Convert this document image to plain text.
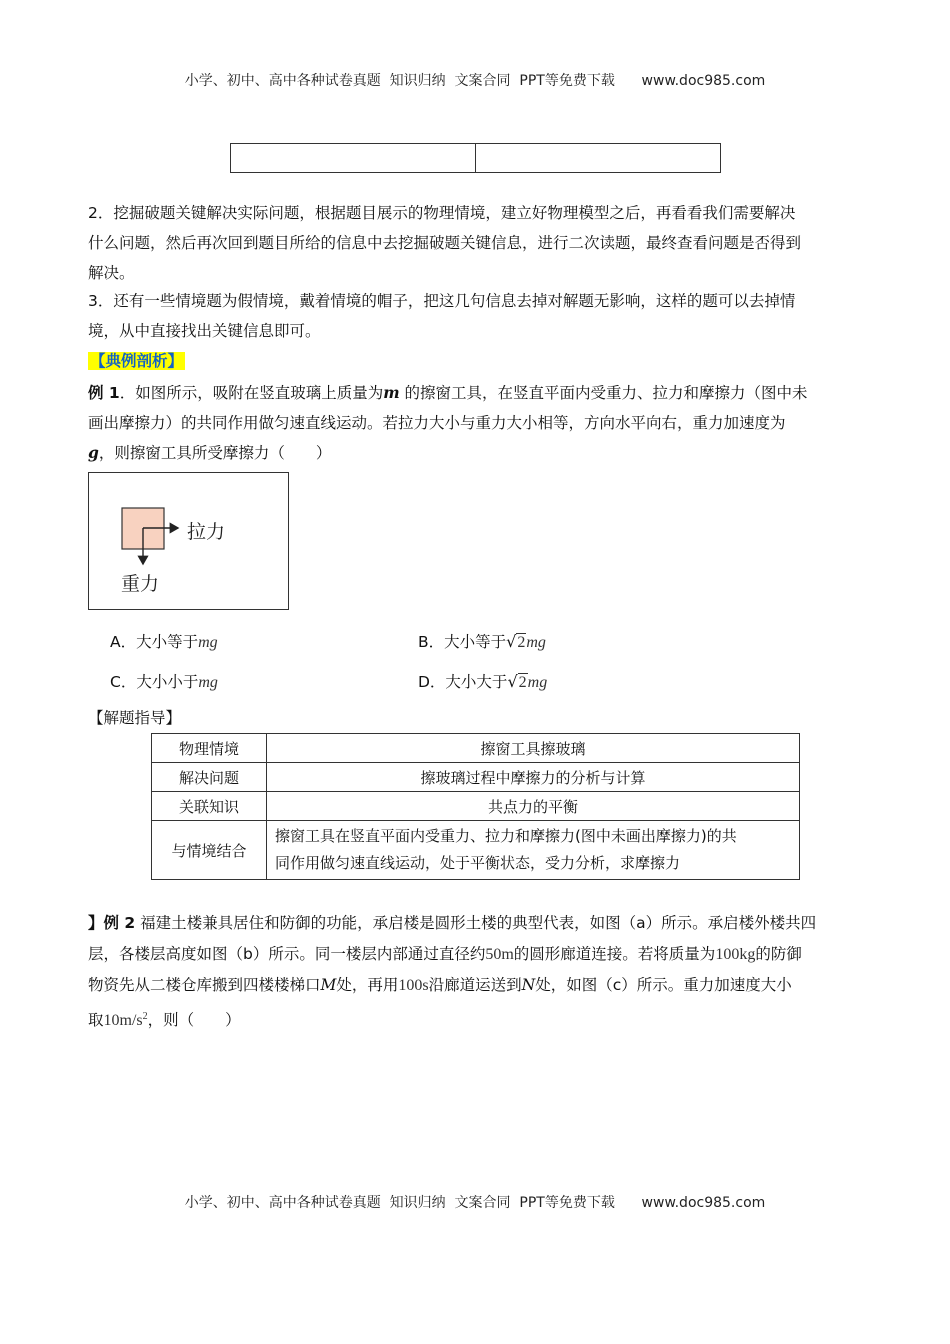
小学、初中、高中各种试卷真题  知识归纳  文案合同  PPT等免费下载      www.doc985.com

2．挖掘破题关键解决实际问题，根据题目展示的物理情境，建立好物理模型之后，再看看我们需要解决
什么问题，然后再次回到题目所给的信息中去挖掘破题关键信息，进行二次读题，最终查看问题是否得到
解决。
3．还有一些情境题为假情境，戴着情境的帽子，把这几句信息去掉对解题无影响，这样的题可以去掉情
境，从中直接找出关键信息即可。
【典例剖析】
例 1．如图所示，吸附在竖直玻璃上质量为m 的擦窗工具，在竖直平面内受重力、拉力和摩擦力（图中未
画出摩擦力）的共同作用做匀速直线运动。若拉力大小与重力大小相等，方向水平向右，重力加速度为
g，则擦窗工具所受摩擦力（　　）
拉力
重力
A．大小等于mg	B．大小等于√2mg
C．大小小于mg	D．大小大于√2mg
【解题指导】
物理情境	擦窗工具擦玻璃
解决问题	擦玻璃过程中摩擦力的分析与计算
关联知识	共点力的平衡
与情境结合	擦窗工具在竖直平面内受重力、拉力和摩擦力(图中未画出摩擦力)的共
同作用做匀速直线运动，处于平衡状态，受力分析，求摩擦力
】例 2 福建土楼兼具居住和防御的功能，承启楼是圆形土楼的典型代表，如图（a）所示。承启楼外楼共四
层，各楼层高度如图（b）所示。同一楼层内部通过直径约50m的圆形廊道连接。若将质量为100kg的防御
物资先从二楼仓库搬到四楼楼梯口M处，再用100s沿廊道运送到N处，如图（c）所示。重力加速度大小
取$10m/s^2$，则（　　）
小学、初中、高中各种试卷真题  知识归纳  文案合同  PPT等免费下载      www.doc985.com
